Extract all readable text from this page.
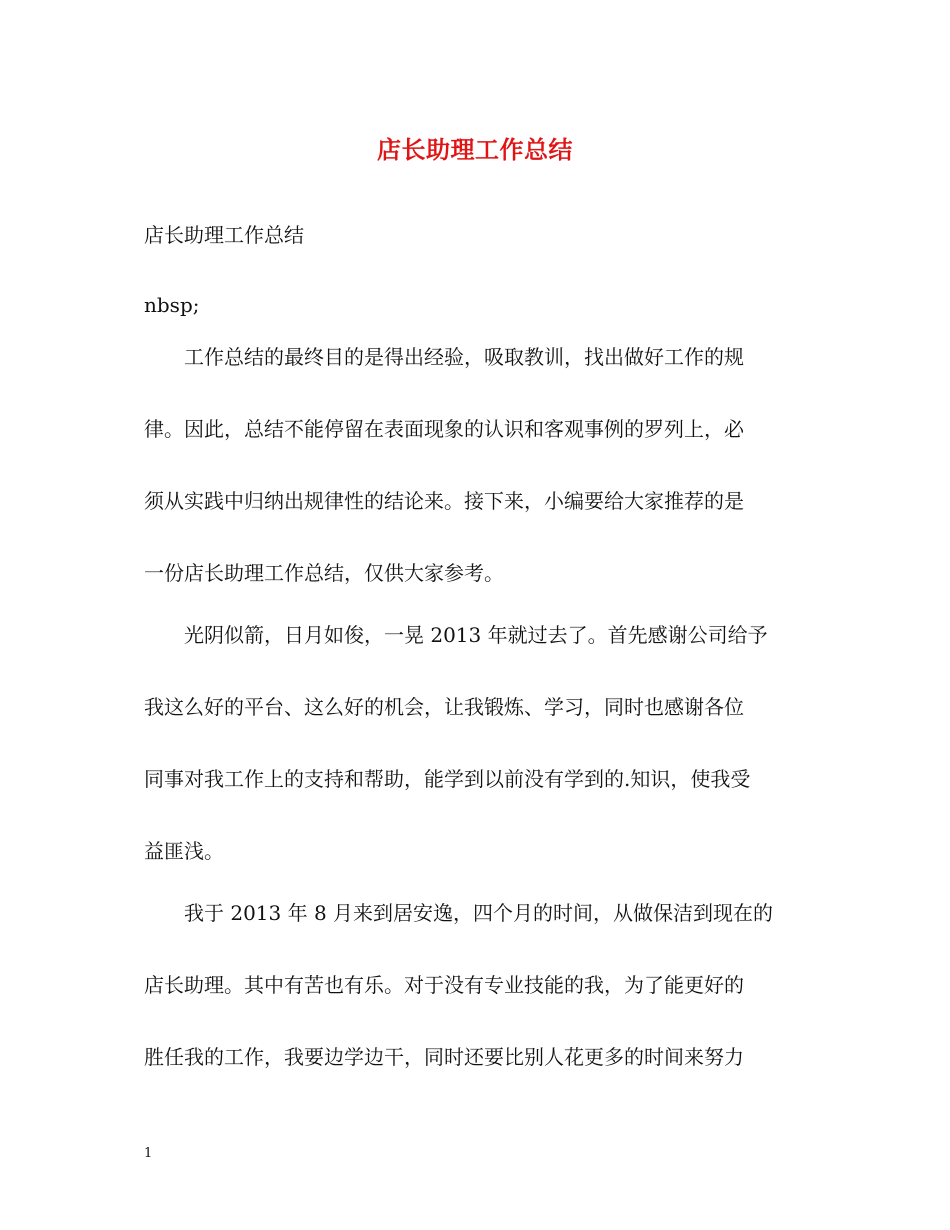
店长助理工作总结
店长助理工作总结
nbsp;
　　工作总结的最终目的是得出经验，吸取教训，找出做好工作的规
律。因此，总结不能停留在表面现象的认识和客观事例的罗列上，必
须从实践中归纳出规律性的结论来。接下来，小编要给大家推荐的是
一份店长助理工作总结，仅供大家参考。
　　光阴似箭，日月如俊，一晃 2013 年就过去了。首先感谢公司给予
我这么好的平台、这么好的机会，让我锻炼、学习，同时也感谢各位
同事对我工作上的支持和帮助，能学到以前没有学到的.知识，使我受
益匪浅。
　　我于 2013 年 8 月来到居安逸，四个月的时间，从做保洁到现在的
店长助理。其中有苦也有乐。对于没有专业技能的我，为了能更好的
胜任我的工作，我要边学边干，同时还要比别人花更多的时间来努力
1
